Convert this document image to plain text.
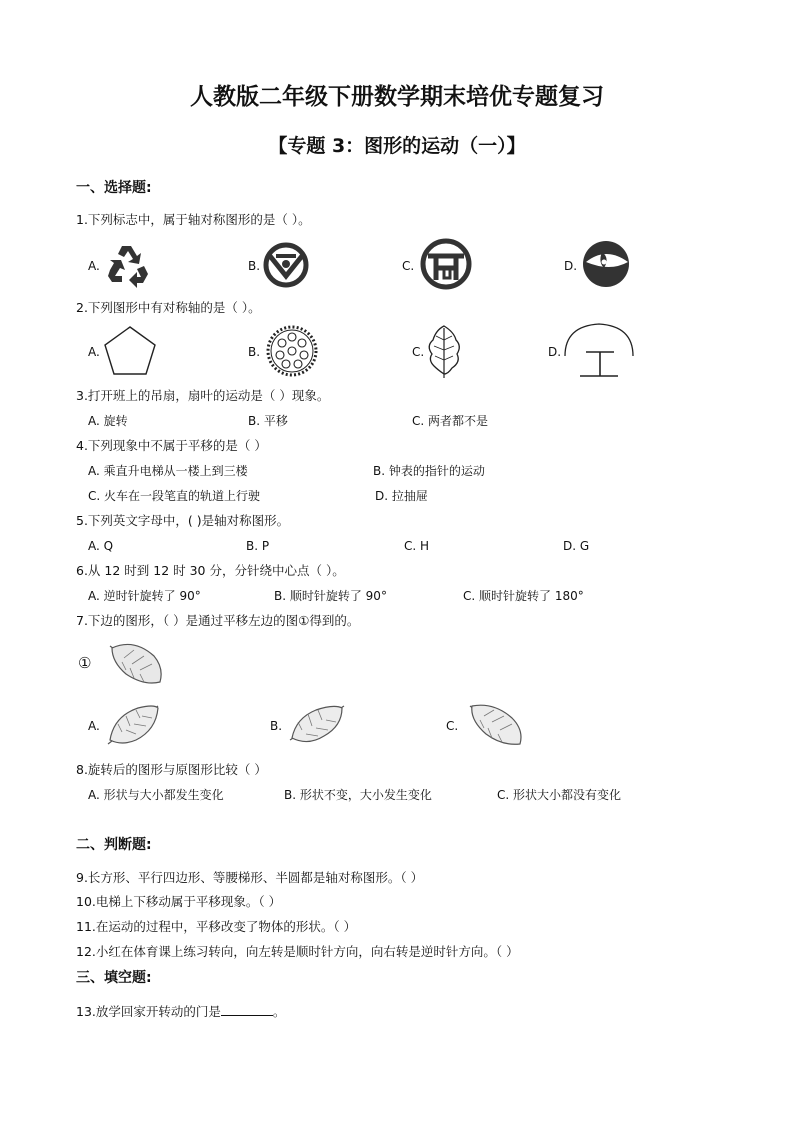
人教版二年级下册数学期末培优专题复习
【专题 3：图形的运动（一）】
一、选择题:
1.下列标志中，属于轴对称图形的是（ ）。
A.	B.	C.	D.
2.下列图形中有对称轴的是（ ）。
A.	B.	C.	D.
3.打开班上的吊扇，扇叶的运动是（ ）现象。
A. 旋转	B. 平移	C. 两者都不是
4.下列现象中不属于平移的是（ ）
A. 乘直升电梯从一楼上到三楼	B. 钟表的指针的运动
C. 火车在一段笔直的轨道上行驶	D. 拉抽屉
5.下列英文字母中，( )是轴对称图形。
A. Q	B. P	C. H	D. G
6.从 12 时到 12 时 30 分，分针绕中心点（ ）。
A. 逆时针旋转了 90°	B. 顺时针旋转了 90°	C. 顺时针旋转了 180°
7.下边的图形，（ ）是通过平移左边的图①得到的。
①
A.	B.	C.
8.旋转后的图形与原图形比较（ ）
A. 形状与大小都发生变化	B. 形状不变，大小发生变化	C. 形状大小都没有变化
二、判断题:
9.长方形、平行四边形、等腰梯形、半圆都是轴对称图形。（ ）
10.电梯上下移动属于平移现象。（ ）
11.在运动的过程中，平移改变了物体的形状。（ ）
12.小红在体育课上练习转向，向左转是顺时针方向，向右转是逆时针方向。（ ）
三、填空题:
13.放学回家开转动的门是	。
